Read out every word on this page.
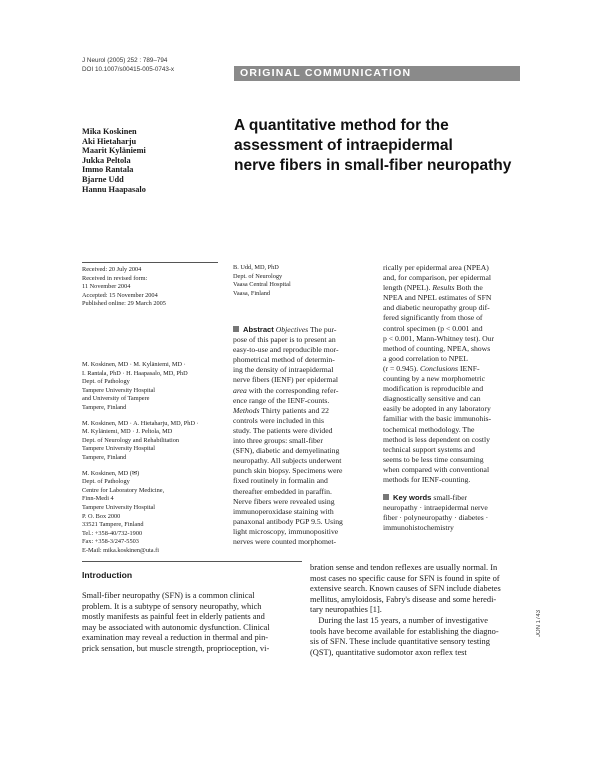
J Neurol (2005) 252 : 789–794
DOI 10.1007/s00415-005-0743-x	ORIGINAL COMMUNICATION
Mika Koskinen
Aki Hietaharju
Maarit Kyläniemi
Jukka Peltola
Immo Rantala
Bjarne Udd
Hannu Haapasalo
A quantitative method for the
assessment of intraepidermal
nerve fibers in small-fiber neuropathy
Received: 20 July 2004
Received in revised form:
11 November 2004
Accepted: 15 November 2004
Published online: 29 March 2005
M. Koskinen, MD · M. Kyläniemi, MD ·
I. Rantala, PhD · H. Haapasalo, MD, PhD
Dept. of Pathology
Tampere University Hospital
and University of Tampere
Tampere, Finland
M. Koskinen, MD · A. Hietaharju, MD, PhD ·
M. Kyläniemi, MD · J. Peltola, MD
Dept. of Neurology and Rehabilitation
Tampere University Hospital
Tampere, Finland
M. Koskinen, MD (✉)
Dept. of Pathology
Centre for Laboratory Medicine,
Finn-Medi 4
Tampere University Hospital
P. O. Box 2000
33521 Tampere, Finland
Tel.: +358-40/732-1900
Fax: +358-3/247-5503
E-Mail: mika.koskinen@uta.fi
B. Udd, MD, PhD
Dept. of Neurology
Vaasa Central Hospital
Vaasa, Finland
Abstract Objectives The pur-
pose of this paper is to present an
easy-to-use and reproducible mor-
phometrical method of determin-
ing the density of intraepidermal
nerve fibers (IENF) per epidermal
area with the corresponding refer-
ence range of the IENF-counts.
Methods Thirty patients and 22
controls were included in this
study. The patients were divided
into three groups: small-fiber
(SFN), diabetic and demyelinating
neuropathy. All subjects underwent
punch skin biopsy. Specimens were
fixed routinely in formalin and
thereafter embedded in paraffin.
Nerve fibers were revealed using
immunoperoxidase staining with
panaxonal antibody PGP 9.5. Using
light microscopy, immunopositive
nerves were counted morphomet-
rically per epidermal area (NPEA)
and, for comparison, per epidermal
length (NPEL). Results Both the
NPEA and NPEL estimates of SFN
and diabetic neuropathy group dif-
fered significantly from those of
control specimen (p < 0.001 and
p < 0.001, Mann-Whitney test). Our
method of counting, NPEA, shows
a good correlation to NPEL
(r = 0.945). Conclusions IENF-
counting by a new morphometric
modification is reproducible and
diagnostically sensitive and can
easily be adopted in any laboratory
familiar with the basic immunohis-
tochemical methodology. The
method is less dependent on costly
technical support systems and
seems to be less time consuming
when compared with conventional
methods for IENF-counting.
Key words small-fiber
neuropathy · intraepidermal nerve
fiber · polyneuropathy · diabetes ·
immunohistochemistry
Introduction
Small-fiber neuropathy (SFN) is a common clinical
problem. It is a subtype of sensory neuropathy, which
mostly manifests as painful feet in elderly patients and
may be associated with autonomic dysfunction. Clinical
examination may reveal a reduction in thermal and pin-
prick sensation, but muscle strength, proprioception, vi-
bration sense and tendon reflexes are usually normal. In
most cases no specific cause for SFN is found in spite of
extensive search. Known causes of SFN include diabetes
mellitus, amyloidosis, Fabry's disease and some heredi-
tary neuropathies [1].
During the last 15 years, a number of investigative
tools have become available for establishing the diagno-
sis of SFN. These include quantitative sensory testing
(QST), quantitative sudomotor axon reflex test
JON 1743
